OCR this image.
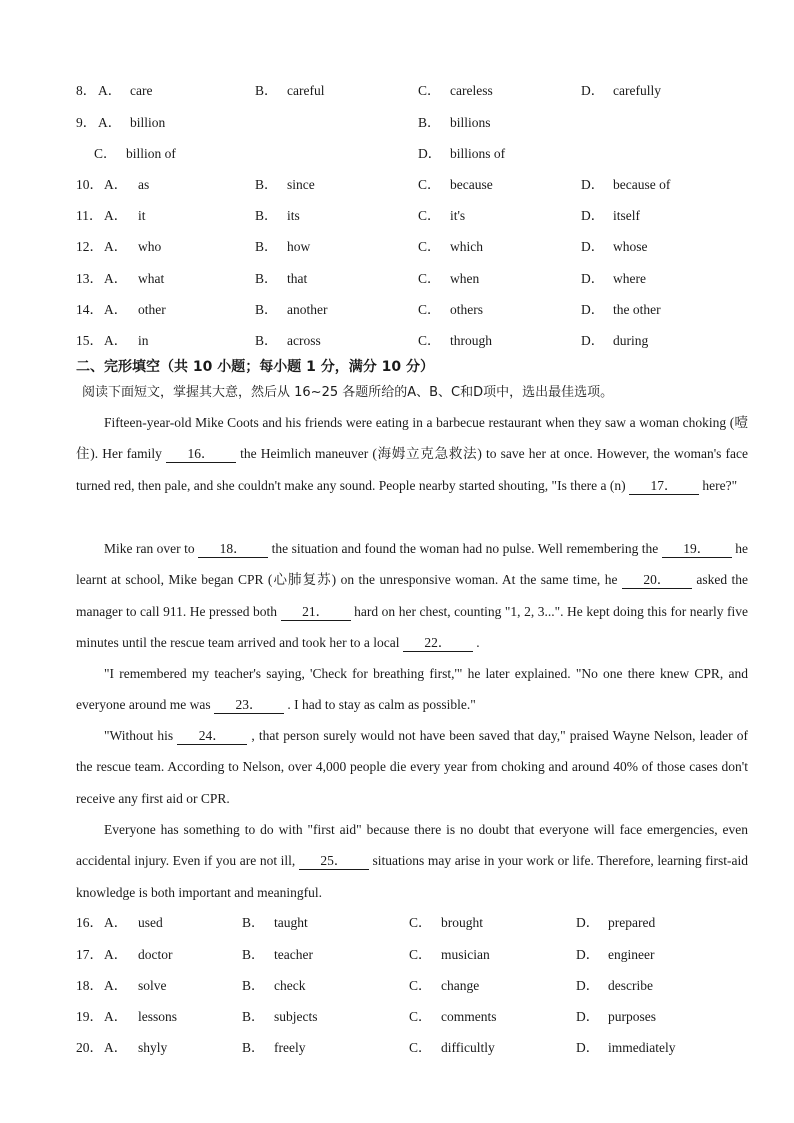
8． A． care	B． careful	C． careless	D． carefully
9． A． billion	B． billions
C． billion of	D． billions of
10． A． as	B． since	C． because	D． because of
11． A． it	B． its	C． it's	D． itself
12． A． who	B． how	C． which	D． whose
13． A． what	B． that	C． when	D． where
14． A． other	B． another	C． others	D． the other
15． A． in	B． across	C． through	D． during
二、完形填空（共 10 小题；每小题 1 分，满分 10 分）
阅读下面短文，掌握其大意，然后从 16~25 各题所给的A、B、C和D项中，选出最佳选项。
Fifteen-year-old Mike Coots and his friends were eating in a barbecue restaurant when they saw a woman choking (噎住). Her family 16． the Heimlich maneuver (海姆立克急救法) to save her at once. However, the woman's face turned red, then pale, and she couldn't make any sound. People nearby started shouting, "Is there a (n) 17． here?"
Mike ran over to 18． the situation and found the woman had no pulse. Well remembering the 19． he learnt at school, Mike began CPR (心肺复苏) on the unresponsive woman. At the same time, he 20． asked the manager to call 911. He pressed both 21． hard on her chest, counting "1, 2, 3...". He kept doing this for nearly five minutes until the rescue team arrived and took her to a local 22． .
"I remembered my teacher's saying, 'Check for breathing first,'" he later explained. "No one there knew CPR, and everyone around me was 23． . I had to stay as calm as possible."
"Without his 24． , that person surely would not have been saved that day," praised Wayne Nelson, leader of the rescue team. According to Nelson, over 4,000 people die every year from choking and around 40% of those cases don't receive any first aid or CPR.
Everyone has something to do with "first aid" because there is no doubt that everyone will face emergencies, even accidental injury. Even if you are not ill, 25． situations may arise in your work or life. Therefore, learning first-aid knowledge is both important and meaningful.
16． A． used	B． taught	C． brought	D． prepared
17． A． doctor	B． teacher	C． musician	D． engineer
18． A． solve	B． check	C． change	D． describe
19． A． lessons	B． subjects	C． comments	D． purposes
20． A． shyly	B． freely	C． difficultly	D． immediately
